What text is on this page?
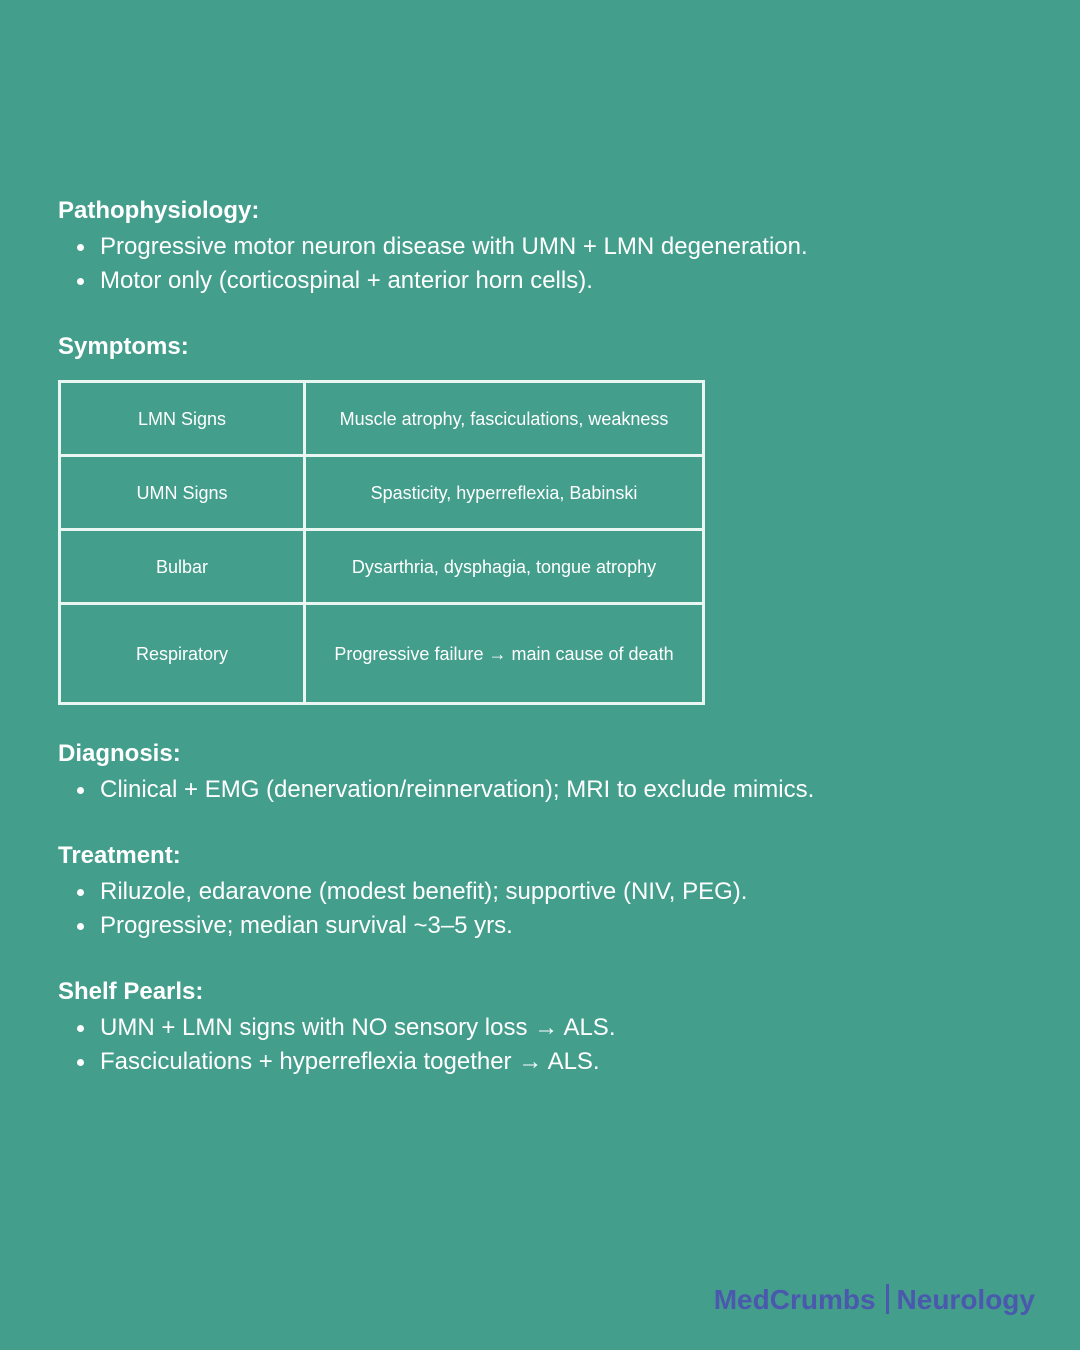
Pathophysiology:
Progressive motor neuron disease with UMN + LMN degeneration.
Motor only (corticospinal + anterior horn cells).
Symptoms:
LMN Signs	Muscle atrophy, fasciculations, weakness
UMN Signs	Spasticity, hyperreflexia, Babinski
Bulbar	Dysarthria, dysphagia, tongue atrophy
Respiratory	Progressive failure → main cause of death
Diagnosis:
Clinical + EMG (denervation/reinnervation); MRI to exclude mimics.
Treatment:
Riluzole, edaravone (modest benefit); supportive (NIV, PEG).
Progressive; median survival ~3–5 yrs.
Shelf Pearls:
UMN + LMN signs with NO sensory loss → ALS.
Fasciculations + hyperreflexia together → ALS.
MedCrumbs Neurology
